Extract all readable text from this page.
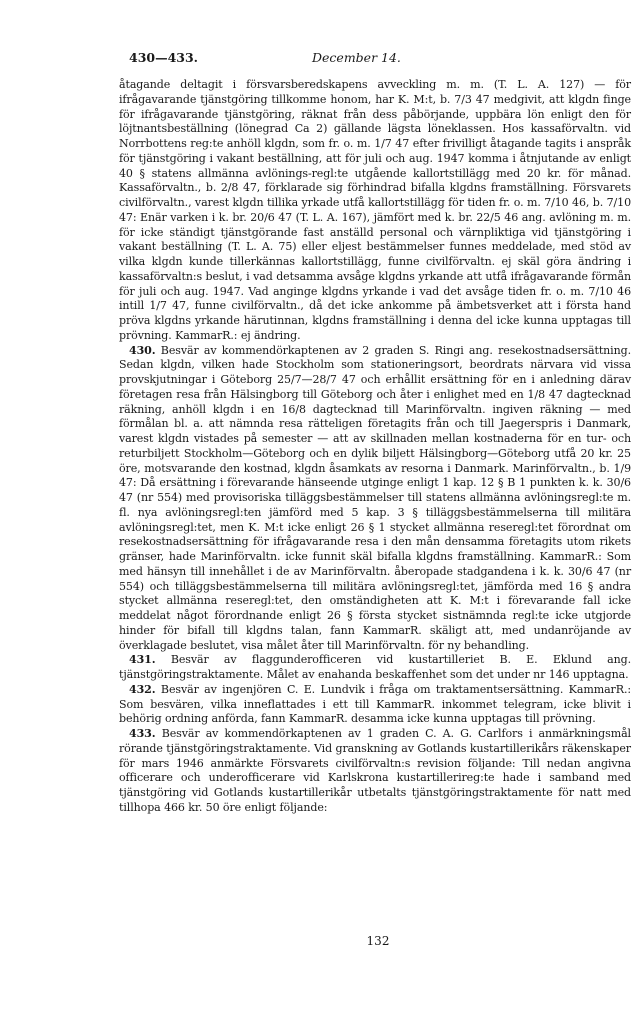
430—433.	December 14.

åtagande deltagit i försvarsberedskapens avveckling m. m. (T. L. A. 127) — för ifrågavarande tjänstgöring tillkomme honom, har K. M:t, b. 7/3 47 medgivit, att klgdn finge för ifrågavarande tjänstgöring, räknat från dess påbörjande, uppbära lön enligt den för löjtnantsbeställning (lönegrad Ca 2) gällande lägsta löneklassen. Hos kassaförvaltn. vid Norrbottens reg:te anhöll klgdn, som fr. o. m. 1/7 47 efter frivilligt åtagande tagits i anspråk för tjänstgöring i vakant beställning, att för juli och aug. 1947 komma i åtnjutande av enligt 40 § statens allmänna avlönings-regl:te utgående kallortstillägg med 20 kr. för månad. Kassaförvaltn., b. 2/8 47, förklarade sig förhindrad bifalla klgdns framställning. Försvarets civilförvaltn., varest klgdn tillika yrkade utfå kallortstillägg för tiden fr. o. m. 7/10 46, b. 7/10 47: Enär varken i k. br. 20/6 47 (T. L. A. 167), jämfört med k. br. 22/5 46 ang. avlöning m. m. för icke ständigt tjänstgörande fast anställd personal och värnpliktiga vid tjänstgöring i vakant beställning (T. L. A. 75) eller eljest bestämmelser funnes meddelade, med stöd av vilka klgdn kunde tillerkännas kallortstillägg, funne civilförvaltn. ej skäl göra ändring i kassaförvaltn:s beslut, i vad detsamma avsåge klgdns yrkande att utfå ifrågavarande förmån för juli och aug. 1947. Vad anginge klgdns yrkande i vad det avsåge tiden fr. o. m. 7/10 46 intill 1/7 47, funne civilförvaltn., då det icke ankomme på ämbetsverket att i första hand pröva klgdns yrkande härutinnan, klgdns framställning i denna del icke kunna upptagas till prövning. KammarR.: ej ändring.

430. Besvär av kommendörkaptenen av 2 graden S. Ringi ang. resekostnadsersättning. Sedan klgdn, vilken hade Stockholm som stationeringsort, beordrats närvara vid vissa provskjutningar i Göteborg 25/7—28/7 47 och erhållit ersättning för en i anledning därav företagen resa från Hälsingborg till Göteborg och åter i enlighet med en 1/8 47 dagtecknad räkning, anhöll klgdn i en 16/8 dagtecknad till Marinförvaltn. ingiven räkning — med förmålan bl. a. att nämnda resa rätteligen företagits från och till Jaegerspris i Danmark, varest klgdn vistades på semester — att av skillnaden mellan kostnaderna för en tur- och returbiljett Stockholm—Göteborg och en dylik biljett Hälsingborg—Göteborg utfå 20 kr. 25 öre, motsvarande den kostnad, klgdn åsamkats av resorna i Danmark. Marinförvaltn., b. 1/9 47: Då ersättning i förevarande hänseende utginge enligt 1 kap. 12 § B 1 punkten k. k. 30/6 47 (nr 554) med provisoriska tilläggsbestämmelser till statens allmänna avlöningsregl:te m. fl. nya avlöningsregl:ten jämförd med 5 kap. 3 § tilläggsbestämmelserna till militära avlöningsregl:tet, men K. M:t icke enligt 26 § 1 stycket allmänna reseregl:tet förordnat om resekostnadsersättning för ifrågavarande resa i den mån densamma företagits utom rikets gränser, hade Marinförvaltn. icke funnit skäl bifalla klgdns framställning. KammarR.: Som med hänsyn till innehållet i de av Marinförvaltn. åberopade stadgandena i k. k. 30/6 47 (nr 554) och tilläggsbestämmelserna till militära avlöningsregl:tet, jämförda med 16 § andra stycket allmänna reseregl:tet, den omständigheten att K. M:t i förevarande fall icke meddelat något förordnande enligt 26 § första stycket sistnämnda regl:te icke utgjorde hinder för bifall till klgdns talan, fann KammarR. skäligt att, med undanröjande av överklagade beslutet, visa målet åter till Marinförvaltn. för ny behandling.

431. Besvär av flaggunderofficeren vid kustartilleriet B. E. Eklund ang. tjänstgöringstraktamente. Målet av enahanda beskaffenhet som det under nr 146 upptagna.

432. Besvär av ingenjören C. E. Lundvik i fråga om traktamentsersättning. KammarR.: Som besvären, vilka inneflattades i ett till KammarR. inkommet telegram, icke blivit i behörig ordning anförda, fann KammarR. desamma icke kunna upptagas till prövning.

433. Besvär av kommendörkaptenen av 1 graden C. A. G. Carlfors i anmärkningsmål rörande tjänstgöringstraktamente. Vid granskning av Gotlands kustartillerikårs räkenskaper för mars 1946 anmärkte Försvarets civilförvaltn:s revision följande: Till nedan angivna officerare och underofficerare vid Karlskrona kustartillerireg:te hade i samband med tjänstgöring vid Gotlands kustartillerikår utbetalts tjänstgöringstraktamente för natt med tillhopa 466 kr. 50 öre enligt följande:

132
